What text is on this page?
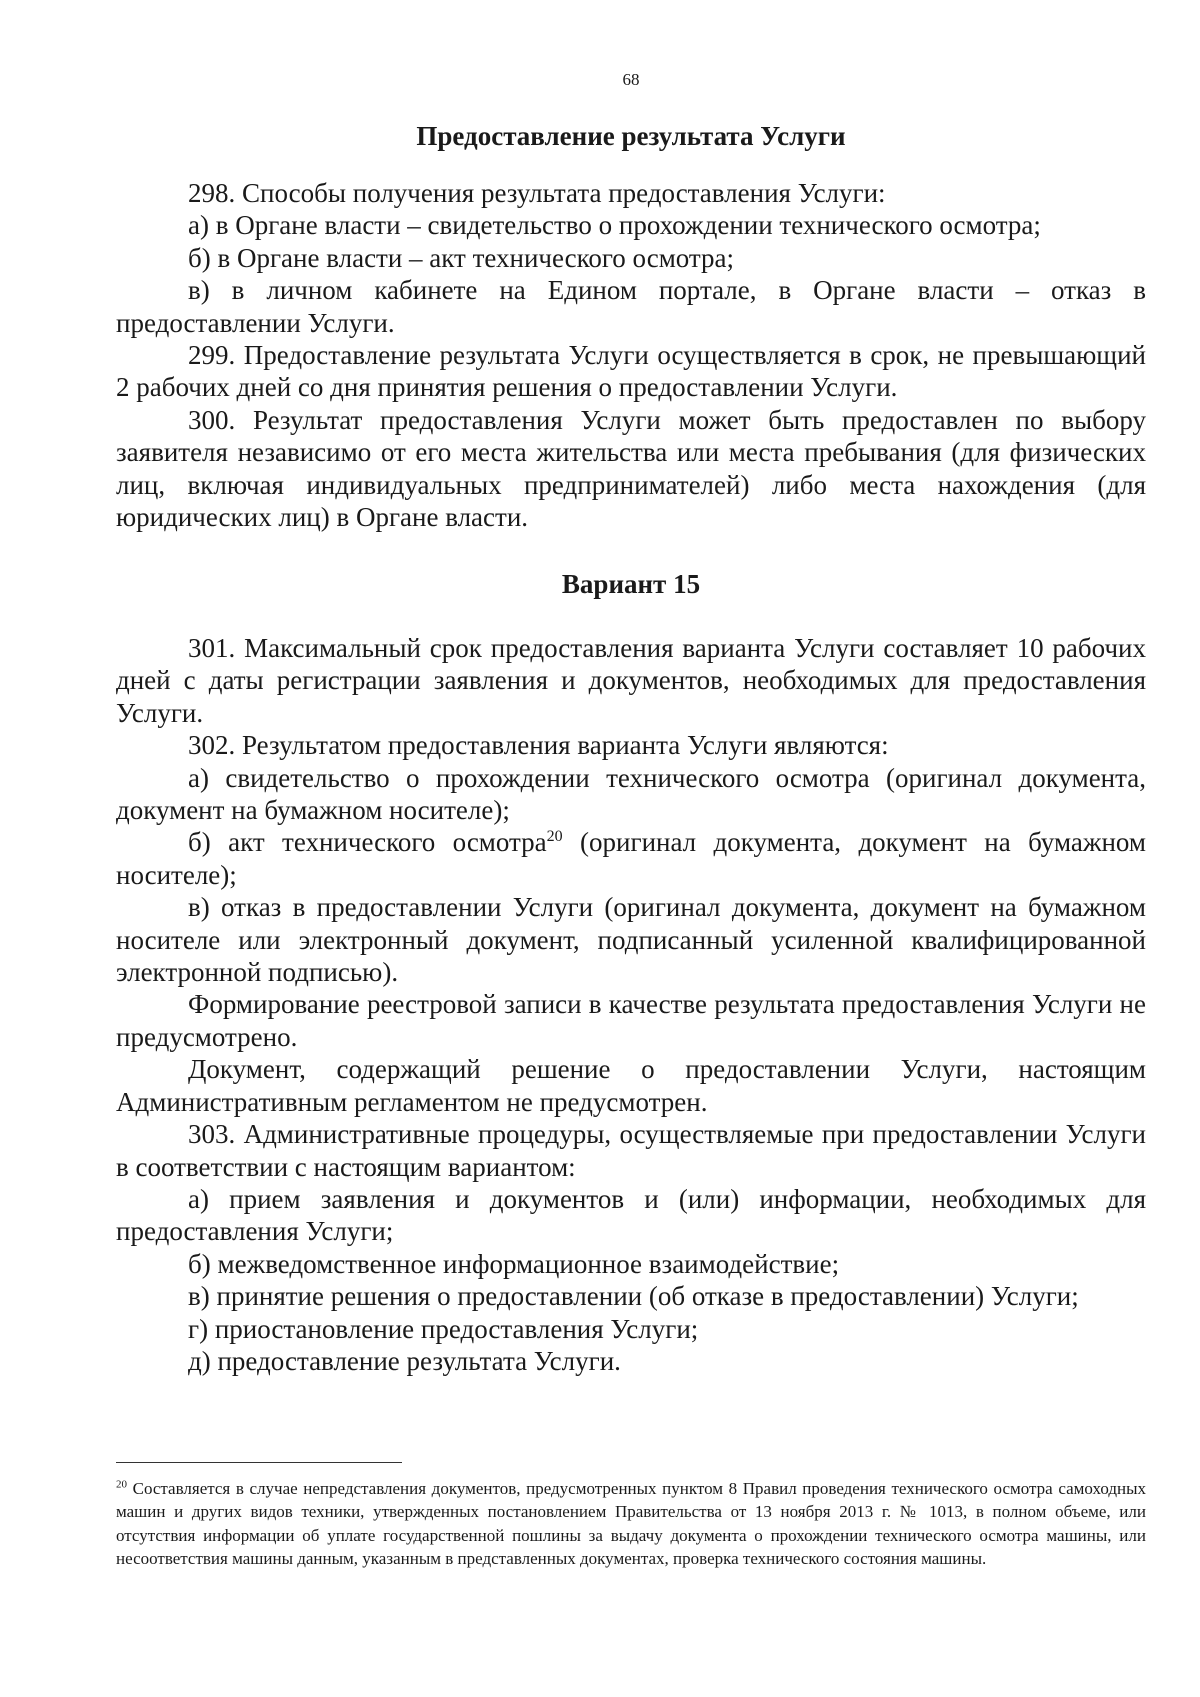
68
Предоставление результата Услуги

298. Способы получения результата предоставления Услуги:

а) в Органе власти – свидетельство о прохождении технического осмотра;

б) в Органе власти – акт технического осмотра;

в) в личном кабинете на Едином портале, в Органе власти – отказ в предоставлении Услуги.

299. Предоставление результата Услуги осуществляется в срок, не превышающий 2 рабочих дней со дня принятия решения о предоставлении Услуги.

300. Результат предоставления Услуги может быть предоставлен по выбору заявителя независимо от его места жительства или места пребывания (для физических лиц, включая индивидуальных предпринимателей) либо места нахождения (для юридических лиц) в Органе власти.

Вариант 15

301. Максимальный срок предоставления варианта Услуги составляет 10 рабочих дней с даты регистрации заявления и документов, необходимых для предоставления Услуги.

302. Результатом предоставления варианта Услуги являются:

а) свидетельство о прохождении технического осмотра (оригинал документа, документ на бумажном носителе);

б) акт технического осмотра$^{20}$ (оригинал документа, документ на бумажном носителе);

в) отказ в предоставлении Услуги (оригинал документа, документ на бумажном носителе или электронный документ, подписанный усиленной квалифицированной электронной подписью).

Формирование реестровой записи в качестве результата предоставления Услуги не предусмотрено.

Документ, содержащий решение о предоставлении Услуги, настоящим Административным регламентом не предусмотрен.

303. Административные процедуры, осуществляемые при предоставлении Услуги в соответствии с настоящим вариантом:

а) прием заявления и документов и (или) информации, необходимых для предоставления Услуги;

б) межведомственное информационное взаимодействие;

в) принятие решения о предоставлении (об отказе в предоставлении) Услуги;

г) приостановление предоставления Услуги;

д) предоставление результата Услуги.

$^{20}$ Составляется в случае непредставления документов, предусмотренных пунктом 8 Правил проведения технического осмотра самоходных машин и других видов техники, утвержденных постановлением Правительства от 13 ноября 2013 г. № 1013, в полном объеме, или отсутствия информации об уплате государственной пошлины за выдачу документа о прохождении технического осмотра машины, или несоответствия машины данным, указанным в представленных документах, проверка технического состояния машины.
